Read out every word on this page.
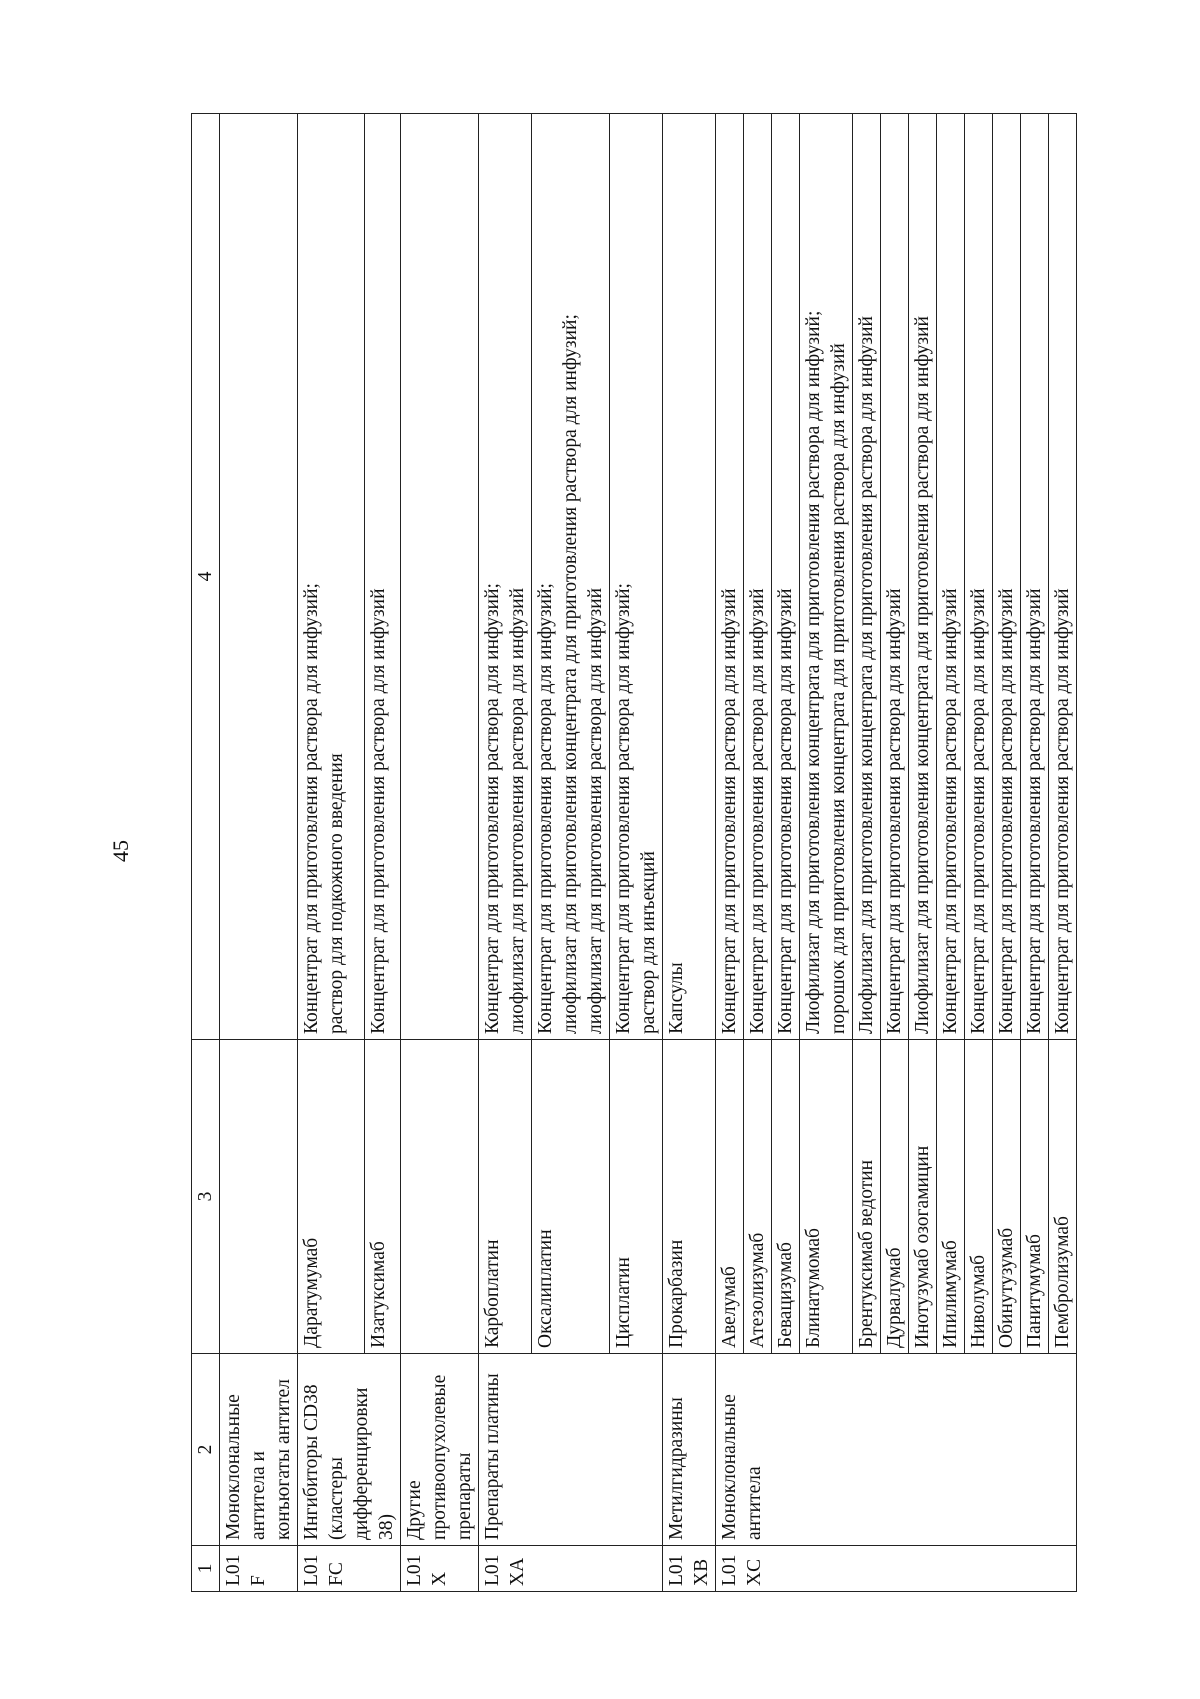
45
1	2	3	4
L01F	Моноклональные антитела и конъюгаты антител		
L01FC	Ингибиторы CD38 (кластеры дифференцировки 38)	Даратумумаб	Концентрат для приготовления раствора для инфузий; раствор для подкожного введения
		Изатуксимаб	Концентрат для приготовления раствора для инфузий
L01X	Другие противоопухолевые препараты		
L01XA	Препараты платины	Карбоплатин	Концентрат для приготовления раствора для инфузий; лиофилизат для приготовления раствора для инфузий
		Оксалиплатин	Концентрат для приготовления раствора для инфузий; лиофилизат для приготовления концентрата для приготовления раствора для инфузий; лиофилизат для приготовления раствора для инфузий
		Цисплатин	Концентрат для приготовления раствора для инфузий; раствор для инъекций
L01XB	Метилгидразины	Прокарбазин	Капсулы
L01XC	Моноклональные антитела	Авелумаб	Концентрат для приготовления раствора для инфузий
		Атезолизумаб	Концентрат для приготовления раствора для инфузий
		Бевацизумаб	Концентрат для приготовления раствора для инфузий
		Блинатумомаб	Лиофилизат для приготовления концентрата для приготовления раствора для инфузий; порошок для приготовления концентрата для приготовления раствора для инфузий
		Брентуксимаб ведотин	Лиофилизат для приготовления концентрата для приготовления раствора для инфузий
		Дурвалумаб	Концентрат для приготовления раствора для инфузий
		Инотузумаб озогамицин	Лиофилизат для приготовления концентрата для приготовления раствора для инфузий
		Ипилимумаб	Концентрат для приготовления раствора для инфузий
		Ниволумаб	Концентрат для приготовления раствора для инфузий
		Обинутузумаб	Концентрат для приготовления раствора для инфузий
		Панитумумаб	Концентрат для приготовления раствора для инфузий
		Пембролизумаб	Концентрат для приготовления раствора для инфузий
